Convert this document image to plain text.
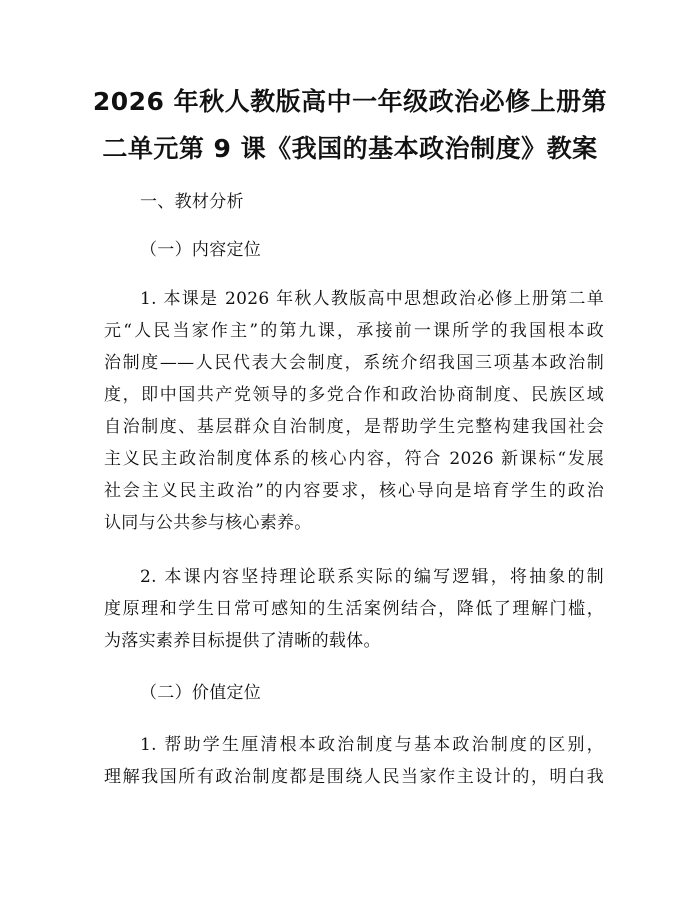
2026 年秋人教版高中一年级政治必修上册第
二单元第 9 课《我国的基本政治制度》教案
一、教材分析
（一）内容定位
1. 本课是 2026 年秋人教版高中思想政治必修上册第二单
元“人民当家作主”的第九课，承接前一课所学的我国根本政
治制度——人民代表大会制度，系统介绍我国三项基本政治制
度，即中国共产党领导的多党合作和政治协商制度、民族区域
自治制度、基层群众自治制度，是帮助学生完整构建我国社会
主义民主政治制度体系的核心内容，符合 2026 新课标“发展
社会主义民主政治”的内容要求，核心导向是培育学生的政治
认同与公共参与核心素养。
2. 本课内容坚持理论联系实际的编写逻辑，将抽象的制
度原理和学生日常可感知的生活案例结合，降低了理解门槛，
为落实素养目标提供了清晰的载体。
（二）价值定位
1. 帮助学生厘清根本政治制度与基本政治制度的区别，
理解我国所有政治制度都是围绕人民当家作主设计的，明白我
